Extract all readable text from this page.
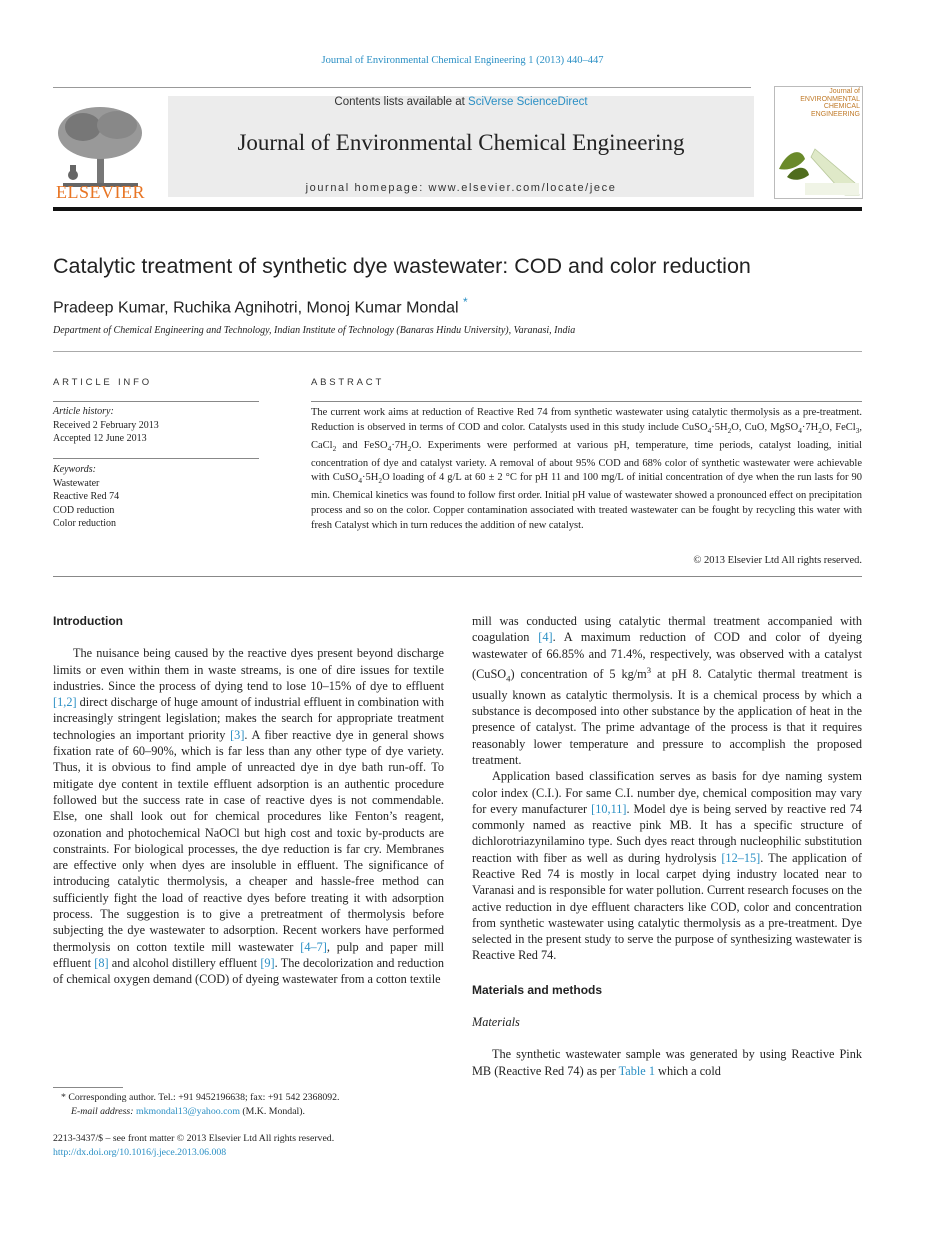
Journal of Environmental Chemical Engineering 1 (2013) 440–447
ELSEVIER
Contents lists available at SciVerse ScienceDirect
Journal of Environmental Chemical Engineering
journal homepage: www.elsevier.com/locate/jece
Journal of
ENVIRONMENTAL
CHEMICAL
ENGINEERING
Catalytic treatment of synthetic dye wastewater: COD and color reduction
Pradeep Kumar, Ruchika Agnihotri, Monoj Kumar Mondal *
Department of Chemical Engineering and Technology, Indian Institute of Technology (Banaras Hindu University), Varanasi, India
ARTICLE INFO
Article history:
Received 2 February 2013
Accepted 12 June 2013
Keywords:
Wastewater
Reactive Red 74
COD reduction
Color reduction
ABSTRACT
The current work aims at reduction of Reactive Red 74 from synthetic wastewater using catalytic thermolysis as a pre-treatment. Reduction is observed in terms of COD and color. Catalysts used in this study include $CuSO_4\cdot 5H_2O$, CuO, $MgSO_4\cdot 7H_2O$, FeCl$_3$, CaCl$_2$ and $FeSO_4\cdot 7H_2O$. Experiments were performed at various pH, temperature, time periods, catalyst loading, initial concentration of dye and catalyst variety. A removal of about 95% COD and 68% color of synthetic wastewater were achievable with $CuSO_4\cdot 5H_2O$ loading of 4 g/L at 60 ± 2 °C for pH 11 and 100 mg/L of initial concentration of dye when the run lasts for 90 min. Chemical kinetics was found to follow first order. Initial pH value of wastewater showed a pronounced effect on precipitation process and so on the color. Copper contamination associated with treated wastewater can be fought by recycling this water with fresh Catalyst which in turn reduces the addition of new catalyst.
© 2013 Elsevier Ltd All rights reserved.
Introduction

The nuisance being caused by the reactive dyes present beyond discharge limits or even within them in waste streams, is one of dire issues for textile industries. Since the process of dying tend to lose 10–15% of dye to effluent [1,2] direct discharge of huge amount of industrial effluent in combination with increasingly stringent legislation; makes the search for appropriate treatment technologies an important priority [3]. A fiber reactive dye in general shows fixation rate of 60–90%, which is far less than any other type of dye variety. Thus, it is obvious to find ample of unreacted dye in dye bath run-off. To mitigate dye content in textile effluent adsorption is an authentic procedure followed but the success rate in case of reactive dyes is not commendable. Else, one shall look out for chemical procedures like Fenton’s reagent, ozonation and photochemical NaOCl but high cost and toxic by-products are constraints. For biological processes, the dye reduction is far cry. Membranes are effective only when dyes are insoluble in effluent. The significance of introducing catalytic thermolysis, a cheaper and hassle-free method can sufficiently fight the load of reactive dyes before treating it with adsorption process. The suggestion is to give a pretreatment of thermolysis before subjecting the dye wastewater to adsorption. Recent workers have performed thermolysis on cotton textile mill wastewater [4–7], pulp and paper mill effluent [8] and alcohol distillery effluent [9]. The decolorization and reduction of chemical oxygen demand (COD) of dyeing wastewater from a cotton textile

mill was conducted using catalytic thermal treatment accompanied with coagulation [4]. A maximum reduction of COD and color of dyeing wastewater of 66.85% and 71.4%, respectively, was observed with a catalyst (CuSO$_4$) concentration of 5 $kg/m^3$ at pH 8. Catalytic thermal treatment is usually known as catalytic thermolysis. It is a chemical process by which a substance is decomposed into other substance by the application of heat in the presence of catalyst. The prime advantage of the process is that it requires reasonably lower temperature and pressure to accomplish the proposed treatment.

Application based classification serves as basis for dye naming system color index (C.I.). For same C.I. number dye, chemical composition may vary for every manufacturer [10,11]. Model dye is being served by reactive red 74 commonly named as reactive pink MB. It has a specific structure of dichlorotriazynilamino type. Such dyes react through nucleophilic substitution reaction with fiber as well as during hydrolysis [12–15]. The application of Reactive Red 74 is mostly in local carpet dying industry located near to Varanasi and is responsible for water pollution. Current research focuses on the active reduction in dye effluent characters like COD, color and concentration from synthetic wastewater using catalytic thermolysis as a pre-treatment. Dye selected in the present study to serve the purpose of synthesizing wastewater is Reactive Red 74.

Materials and methods
Materials

The synthetic wastewater sample was generated by using Reactive Pink MB (Reactive Red 74) as per Table 1 which a cold

* Corresponding author. Tel.: +91 9452196638; fax: +91 542 2368092.
E-mail address: mkmondal13@yahoo.com (M.K. Mondal).
2213-3437/$ – see front matter © 2013 Elsevier Ltd All rights reserved.
http://dx.doi.org/10.1016/j.jece.2013.06.008
